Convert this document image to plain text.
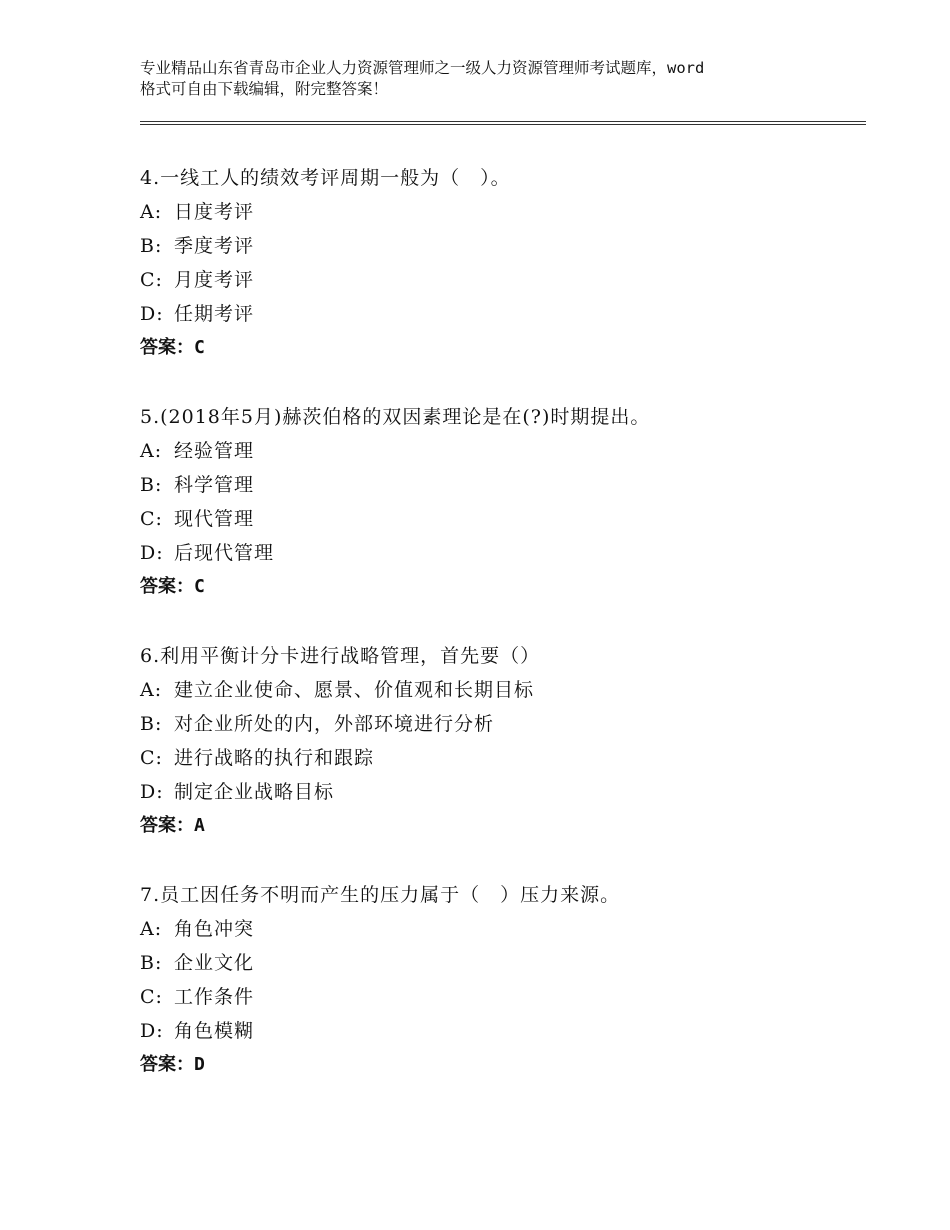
专业精品山东省青岛市企业人力资源管理师之一级人力资源管理师考试题库，word
格式可自由下载编辑，附完整答案！
4.一线工人的绩效考评周期一般为（　）。
A: 日度考评
B: 季度考评
C: 月度考评
D: 任期考评
答案：C
5.(2018年5月)赫茨伯格的双因素理论是在(?)时期提出。
A: 经验管理
B: 科学管理
C: 现代管理
D: 后现代管理
答案：C
6.利用平衡计分卡进行战略管理，首先要（）
A: 建立企业使命、愿景、价值观和长期目标
B: 对企业所处的内，外部环境进行分析
C: 进行战略的执行和跟踪
D: 制定企业战略目标
答案：A
7.员工因任务不明而产生的压力属于（　）压力来源。
A: 角色冲突
B: 企业文化
C: 工作条件
D: 角色模糊
答案：D
